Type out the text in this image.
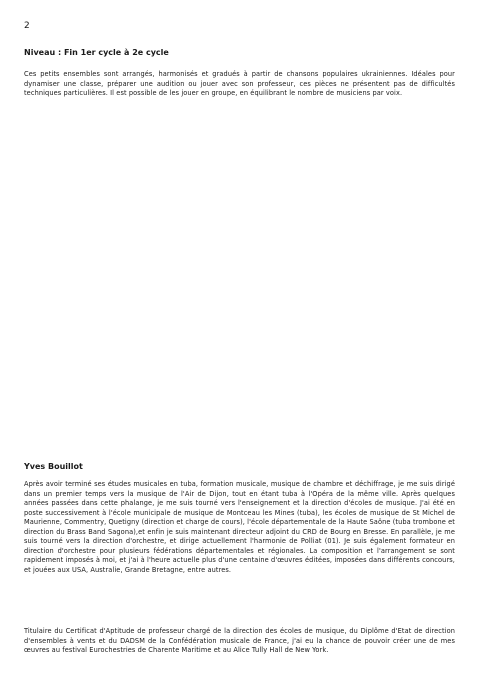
2
Niveau : Fin 1er cycle à 2e cycle

Ces petits ensembles sont arrangés, harmonisés et gradués à partir de chansons populaires ukrainiennes. Idéales pour dynamiser une classe, préparer une audition ou jouer avec son professeur, ces pièces ne présentent pas de difficultés techniques particulières. Il est possible de les jouer en groupe, en équilibrant le nombre de musiciens par voix.

Yves Bouillot

Après avoir terminé ses études musicales en tuba, formation musicale, musique de chambre et déchiffrage, je me suis dirigé dans un premier temps vers la musique de l'Air de Dijon, tout en étant tuba à l'Opéra de la même ville. Après quelques années passées dans cette phalange, je me suis tourné vers l'enseignement et la direction d'écoles de musique. J'ai été en poste successivement à l'école municipale de musique de Montceau les Mines (tuba), les écoles de musique de St Michel de Maurienne, Commentry, Quetigny (direction et charge de cours), l'école départementale de la Haute Saône (tuba trombone et direction du Brass Band Sagona),et enfin je suis maintenant directeur adjoint du CRD de Bourg en Bresse. En parallèle, je me suis tourné vers la direction d'orchestre, et dirige actuellement l'harmonie de Polliat (01). Je suis également formateur en direction d'orchestre pour plusieurs fédérations départementales et régionales. La composition et l'arrangement se sont rapidement imposés à moi, et j'ai à l'heure actuelle plus d'une centaine d'œuvres éditées, imposées dans différents concours, et jouées aux USA, Australie, Grande Bretagne, entre autres.

Titulaire du Certificat d'Aptitude de professeur chargé de la direction des écoles de musique, du Diplôme d'Etat de direction d'ensembles à vents et du DADSM de la Confédération musicale de France, j'ai eu la chance de pouvoir créer une de mes œuvres au festival Eurochestries de Charente Maritime et au Alice Tully Hall de New York.
